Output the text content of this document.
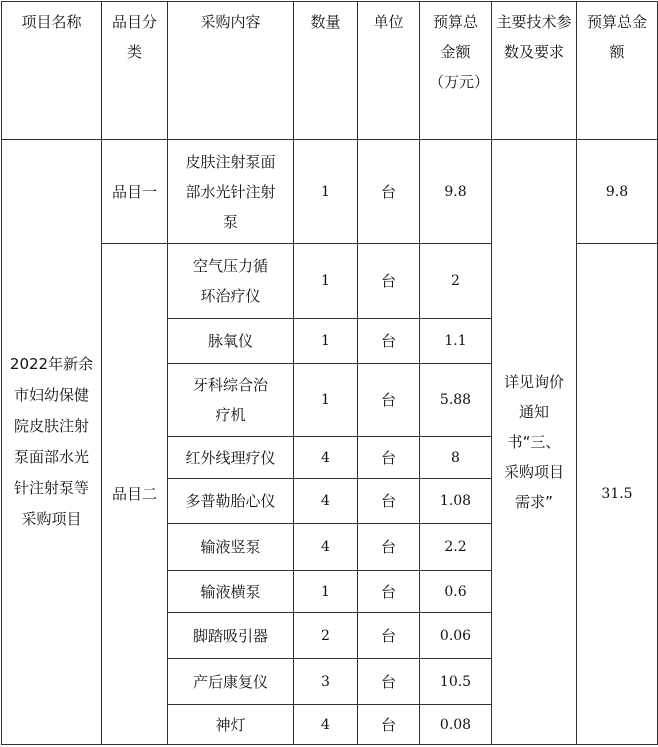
项目名称	品目分类	采购内容	数量	单位	预算总金额（万元）	主要技术参数及要求	预算总金额
2022年新余市妇幼保健院皮肤注射泵面部水光针注射泵等采购项目	品目一	皮肤注射泵面部水光针注射泵	1	台	9.8	详见询价通知书“三、采购项目需求”	9.8
	品目二	空气压力循环治疗仪	1	台	2		31.5
		脉氧仪	1	台	1.1		
		牙科综合治疗机	1	台	5.88		
		红外线理疗仪	4	台	8		
		多普勒胎心仪	4	台	1.08		
		输液竖泵	4	台	2.2		
		输液横泵	1	台	0.6		
		脚踏吸引器	2	台	0.06		
		产后康复仪	3	台	10.5		
		神灯	4	台	0.08		
